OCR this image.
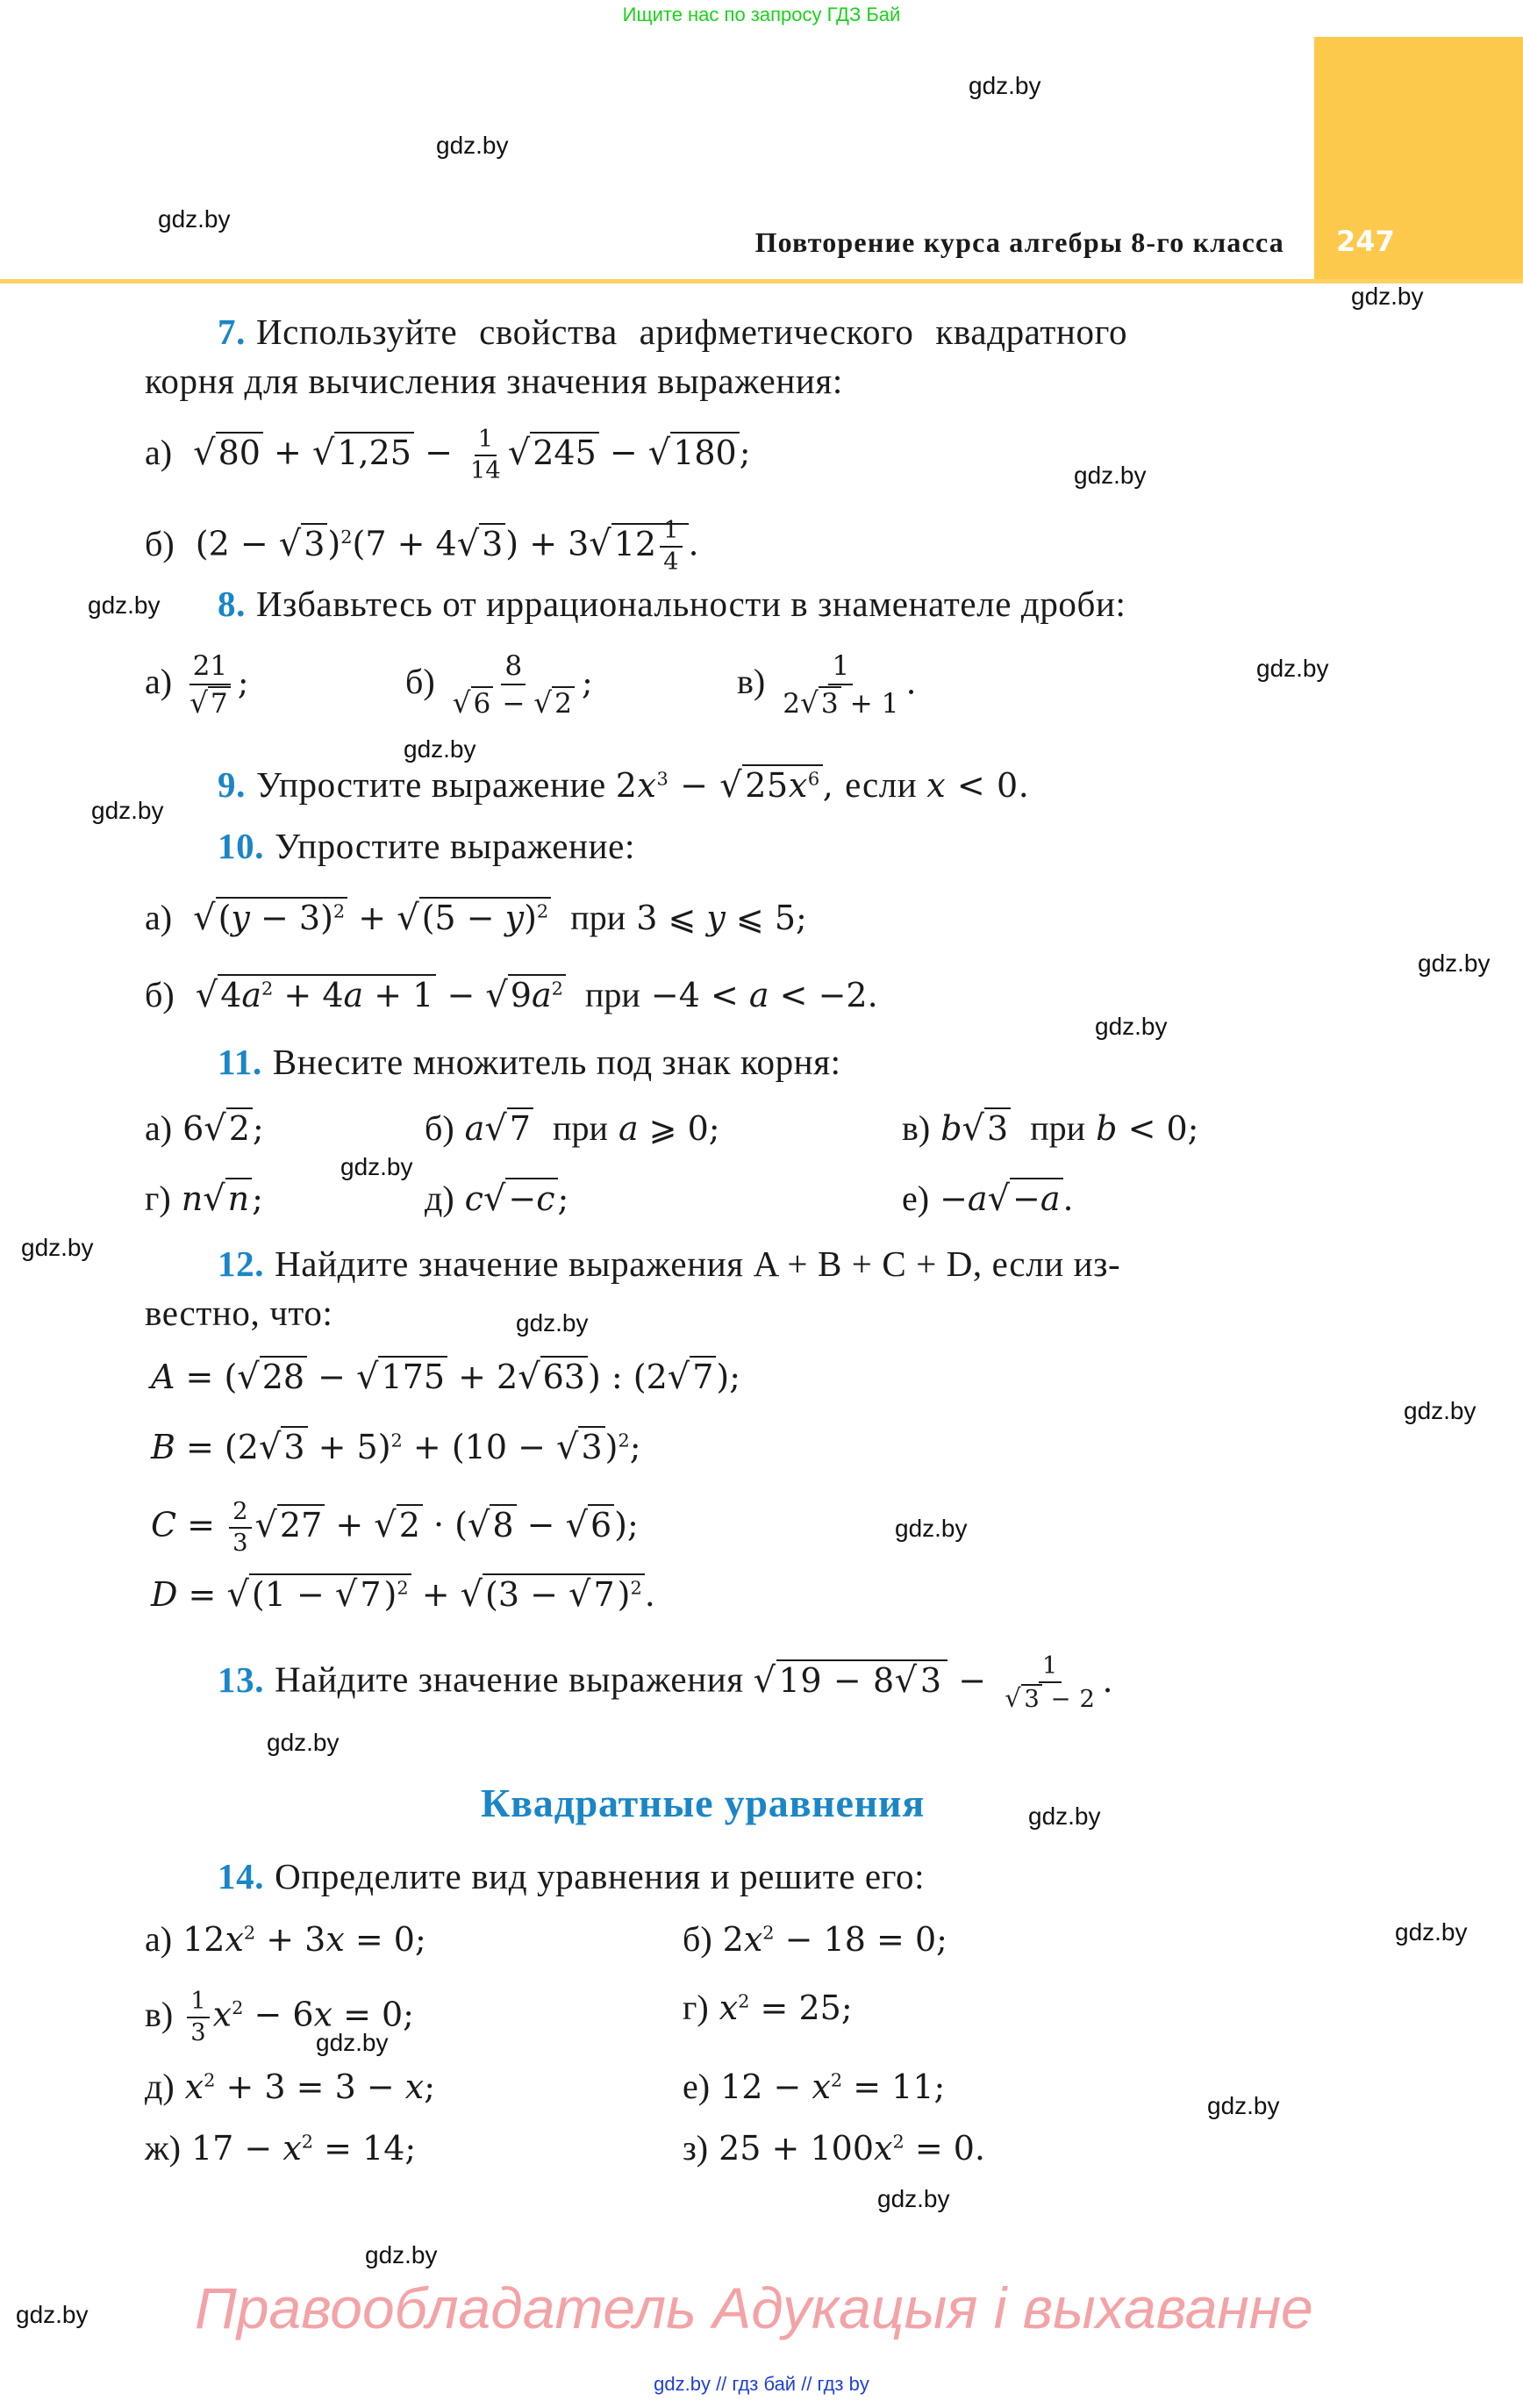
Ищите нас по запросу ГДЗ Бай
247
Повторение курса алгебры 8-го класса
gdz.by
gdz.by
gdz.by
gdz.by
gdz.by
gdz.by
gdz.by
gdz.by
gdz.by
gdz.by
gdz.by
gdz.by
gdz.by
gdz.by
gdz.by
gdz.by
gdz.by
gdz.by
gdz.by
gdz.by
gdz.by
gdz.by
gdz.by
gdz.by
7. Используйте свойства арифметического квадратного
корня для вычисления значения выражения:
а) $√80 + √1,25 - \frac{1}{14} √245 - √180$;
б) $(2 - √3)^2(7 + 4√3) + 3√12 \frac{1}{4}$ .
8. Избавьтесь от иррациональности в знаменателе дроби:
$а) \frac{21}{√7}$ ;	$б) \frac{8}{√6 - √2}$ ;	$в) \frac{1}{2√3 + 1}$ .
9. Упростите выражение $2x^3 - √25x^6$, если x < 0.
10. Упростите выражение:
а) $√(y - 3)^2 + √(5 - y)^2$  при 3 ⩽ y ⩽ 5;
б) $√4a^2 + 4a + 1 - √9a^2$  при −4 < a < −2.
11. Внесите множитель под знак корня:
а) 6√2;	б) a√7  при a ⩾ 0;	в) b√3  при b < 0;
г) n√n;	д) c√−c;	е) −a√−a.
12. Найдите значение выражения A + B + C + D, если из-
вестно, что:
A = (√28 − √175 + 2√63) : (2√7);
$B = (2√3 + 5)^2 + (10 - √3)^2$;
$C = \frac{2}{3} √27 + √2 \cdot (√8 - √6)$;
$D = √(1 - √7)^2 + √(3 - √7)^2$.
13. Найдите значение выражения $√19 - 8√3 - \frac{1}{√ 3 - 2}$ .
Квадратные уравнения
14. Определите вид уравнения и решите его:
а) $12x^2 + 3x = 0$;	б) $2x^2 - 18 = 0$;
$в) \frac{1}{3} x^2 - 6x = 0$;	г) $x^2 = 25$;
д) $x^2 + 3 = 3 - x$;	е) $12 - x^2 = 11$;
ж) $17 - x^2 = 14$;	з) $25 + 100x^2 = 0$.
Правообладатель Адукацыя і выхаванне
gdz.by // гдз бай // гдз by
